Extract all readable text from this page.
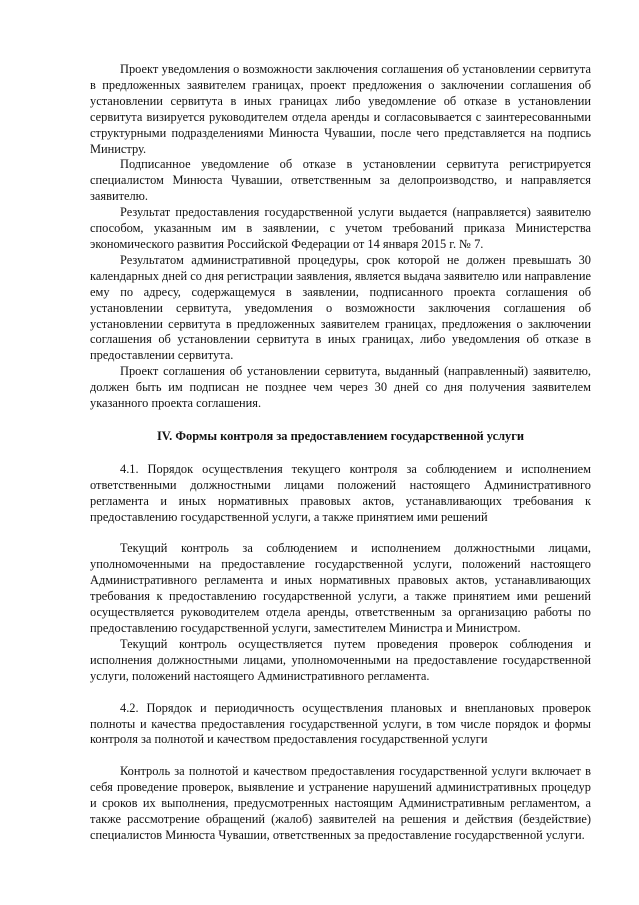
Проект уведомления о возможности заключения соглашения об установлении сервитута в предложенных заявителем границах, проект предложения о заключении соглашения об установлении сервитута в иных границах либо уведомление об отказе в установлении сервитута визируется руководителем отдела аренды и согласовывается с заинтересованными структурными подразделениями Минюста Чувашии, после чего представляется на подпись Министру.

Подписанное уведомление об отказе в установлении сервитута регистрируется специалистом Минюста Чувашии, ответственным за делопроизводство, и направляется заявителю.

Результат предоставления государственной услуги выдается (направляется) заявителю способом, указанным им в заявлении, с учетом требований приказа Министерства экономического развития Российской Федерации от 14 января 2015 г. № 7.

Результатом административной процедуры, срок которой не должен превышать 30 календарных дней со дня регистрации заявления, является выдача заявителю или направление ему по адресу, содержащемуся в заявлении, подписанного проекта соглашения об установлении сервитута, уведомления о возможности заключения соглашения об установлении сервитута в предложенных заявителем границах, предложения о заключении соглашения об установлении сервитута в иных границах, либо уведомления об отказе в предоставлении сервитута.

Проект соглашения об установлении сервитута, выданный (направленный) заявителю, должен быть им подписан не позднее чем через 30 дней со дня получения заявителем указанного проекта соглашения.

IV. Формы контроля за предоставлением государственной услуги

4.1. Порядок осуществления текущего контроля за соблюдением и исполнением ответственными должностными лицами положений настоящего Административного регламента и иных нормативных правовых актов, устанавливающих требования к предоставлению государственной услуги, а также принятием ими решений

Текущий контроль за соблюдением и исполнением должностными лицами, уполномоченными на предоставление государственной услуги, положений настоящего Административного регламента и иных нормативных правовых актов, устанавливающих требования к предоставлению государственной услуги, а также принятием ими решений осуществляется руководителем отдела аренды, ответственным за организацию работы по предоставлению государственной услуги, заместителем Министра и Министром.

Текущий контроль осуществляется путем проведения проверок соблюдения и исполнения должностными лицами, уполномоченными на предоставление государственной услуги, положений настоящего Административного регламента.

4.2. Порядок и периодичность осуществления плановых и внеплановых проверок полноты и качества предоставления государственной услуги, в том числе порядок и формы контроля за полнотой и качеством предоставления государственной услуги

Контроль за полнотой и качеством предоставления государственной услуги включает в себя проведение проверок, выявление и устранение нарушений административных процедур и сроков их выполнения, предусмотренных настоящим Административным регламентом, а также рассмотрение обращений (жалоб) заявителей на решения и действия (бездействие) специалистов Минюста Чувашии, ответственных за предоставление государственной услуги.
